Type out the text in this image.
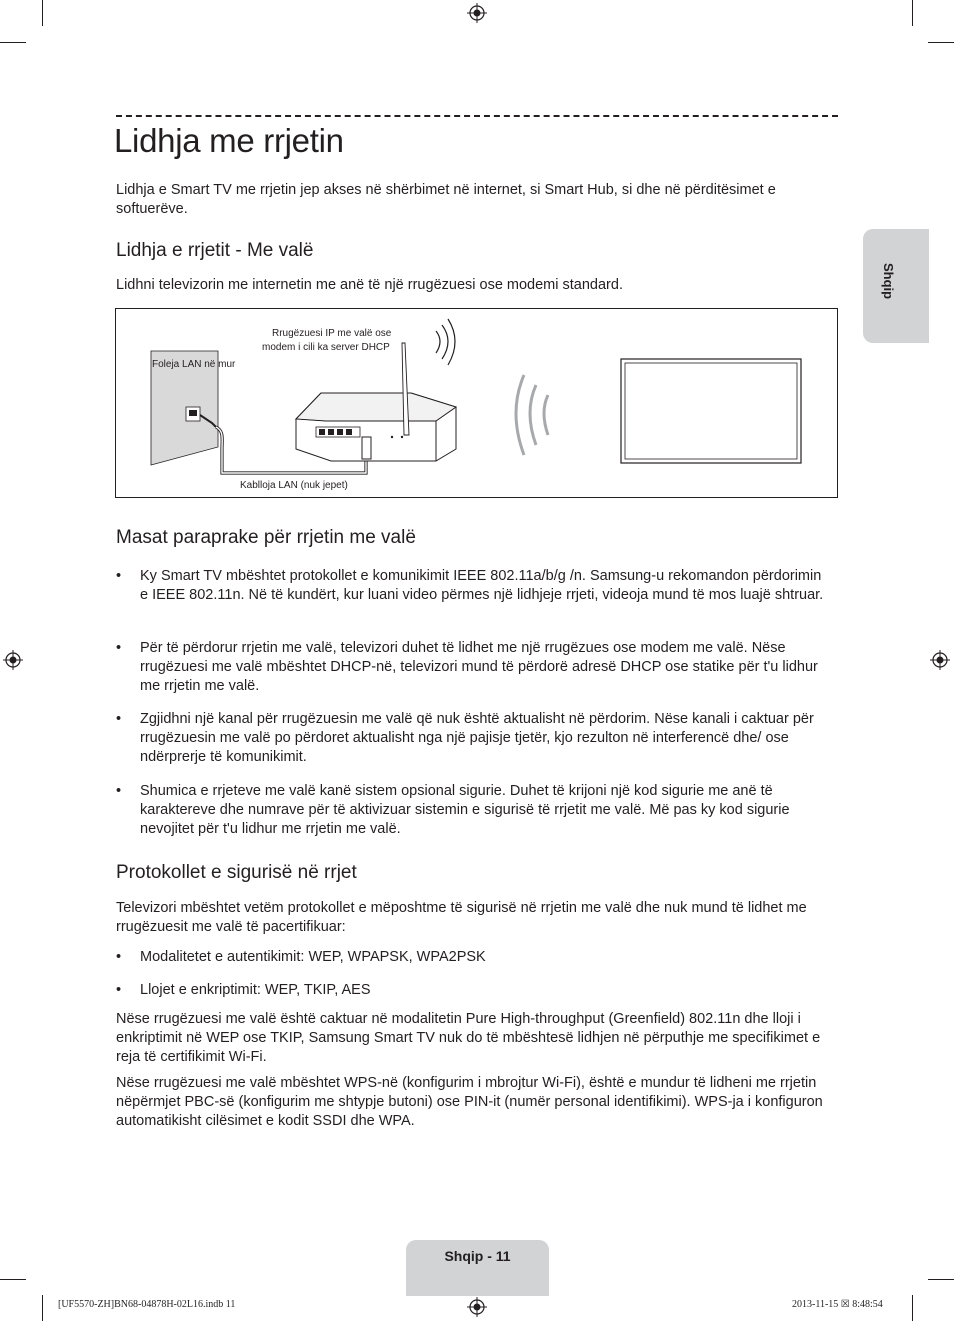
Lidhja me rrjetin
Lidhja e Smart TV me rrjetin jep akses në shërbimet në internet, si Smart Hub, si dhe në përditësimet e softuerëve.
Shqip
Lidhja e rrjetit - Me valë
Lidhni televizorin me internetin me anë të një rrugëzuesi ose modemi standard.
Rrugëzuesi IP me valë ose
modem i cili ka server DHCP
Foleja LAN në mur
Kablloja LAN (nuk jepet)
Masat paraprake për rrjetin me valë
• Ky Smart TV mbështet protokollet e komunikimit IEEE 802.11a/b/g /n. Samsung-u rekomandon përdorimin e IEEE 802.11n. Në të kundërt, kur luani video përmes një lidhjeje rrjeti, videoja mund të mos luajë shtruar.
• Për të përdorur rrjetin me valë, televizori duhet të lidhet me një rrugëzues ose modem me valë. Nëse rrugëzuesi me valë mbështet DHCP-në, televizori mund të përdorë adresë DHCP ose statike për t'u lidhur me rrjetin me valë.
• Zgjidhni një kanal për rrugëzuesin me valë që nuk është aktualisht në përdorim. Nëse kanali i caktuar për rrugëzuesin me valë po përdoret aktualisht nga një pajisje tjetër, kjo rezulton në interferencë dhe/ ose ndërprerje të komunikimit.
• Shumica e rrjeteve me valë kanë sistem opsional sigurie. Duhet të krijoni një kod sigurie me anë të karaktereve dhe numrave për të aktivizuar sistemin e sigurisë të rrjetit me valë. Më pas ky kod sigurie nevojitet për t'u lidhur me rrjetin me valë.
Protokollet e sigurisë në rrjet
Televizori mbështet vetëm protokollet e mëposhtme të sigurisë në rrjetin me valë dhe nuk mund të lidhet me rrugëzuesit me valë të pacertifikuar:
• Modalitetet e autentikimit: WEP, WPAPSK, WPA2PSK
• Llojet e enkriptimit: WEP, TKIP, AES
Nëse rrugëzuesi me valë është caktuar në modalitetin Pure High-throughput (Greenfield) 802.11n dhe lloji i enkriptimit në WEP ose TKIP, Samsung Smart TV nuk do të mbështesë lidhjen në përputhje me specifikimet e reja të certifikimit Wi-Fi.
Nëse rrugëzuesi me valë mbështet WPS-në (konfigurim i mbrojtur Wi-Fi), është e mundur të lidheni me rrjetin nëpërmjet PBC-së (konfigurim me shtypje butoni) ose PIN-it (numër personal identifikimi). WPS-ja i konfiguron automatikisht cilësimet e kodit SSDI dhe WPA.
Shqip - 11
[UF5570-ZH]BN68-04878H-02L16.indb 11	2013-11-15 ☒ 8:48:54
